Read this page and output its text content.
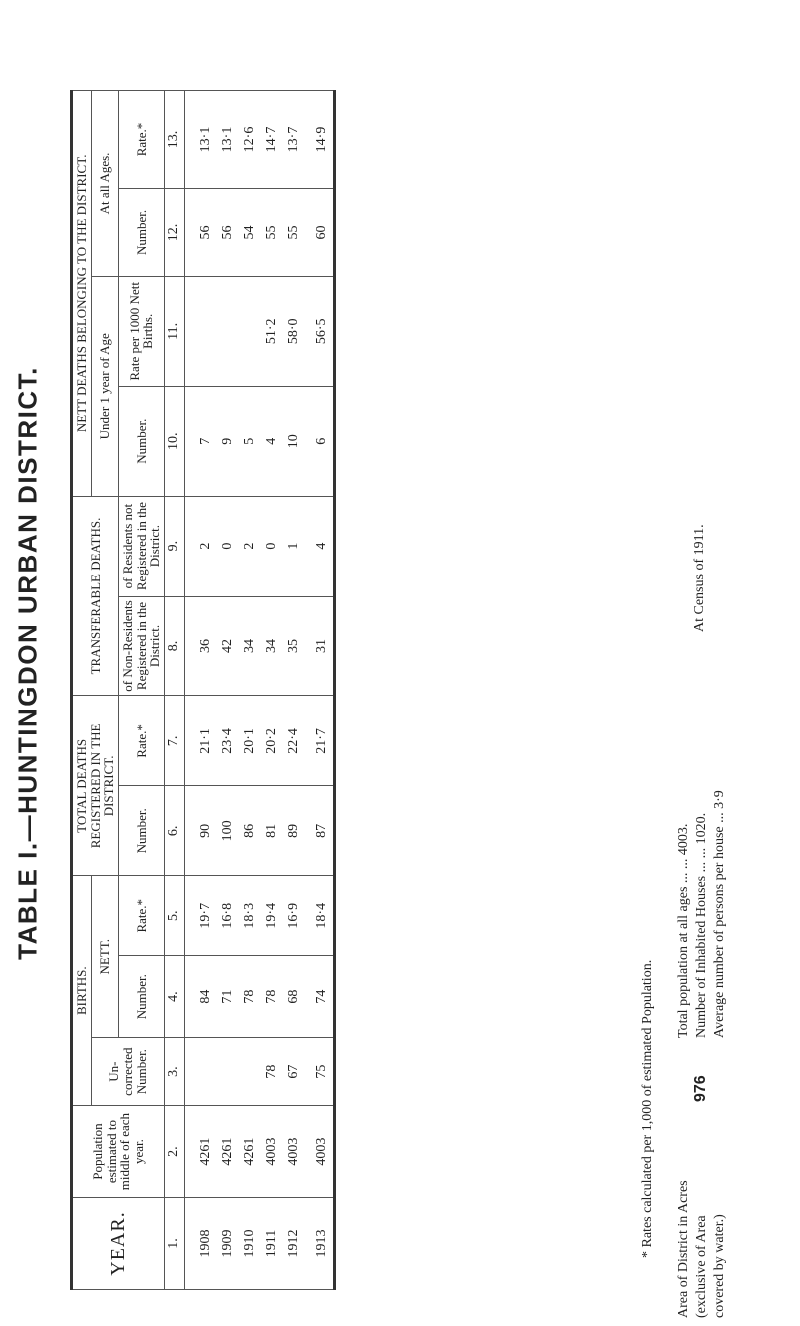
TABLE I.—HUNTINGDON URBAN DISTRICT.
YEAR.	Population estimated to middle of each year.	BIRTHS.			TOTAL DEATHS REGISTERED IN THE DISTRICT.		TRANSFERABLE DEATHS.		NETT DEATHS BELONGING TO THE DISTRICT.			
		Un-corrected Number.	NETT.						Under 1 year of Age		At all Ages.	
			Number.	Rate.*	Number.	Rate.*	of Non-Residents Registered in the District.	of Residents not Registered in the District.	Number.	Rate per 1000 Nett Births.	Number.	Rate.*
1.	2.	3.	4.	5.	6.	7.	8.	9.	10.	11.	12.	13.
1908	4261		84	19·7	90	21·1	36	2	7		56	13·1
1909	4261		71	16·8	100	23·4	42	0	9		56	13·1
1910	4261		78	18·3	86	20·1	34	2	5		54	12·6
1911	4003	78	78	19·4	81	20·2	34	0	4	51·2	55	14·7
1912	4003	67	68	16·9	89	22·4	35	1	10	58·0	55	13·7
1913	4003	75	74	18·4	87	21·7	31	4	6	56·5	60	14·9
* Rates calculated per 1,000 of estimated Population. Area of District in Acres (exclusive of Area covered by water.)
976
Total population at all ages ... ... 4003.
Number of Inhabited Houses ... ... 1020. Average number of persons per house ... 3·9
At Census of 1911.
